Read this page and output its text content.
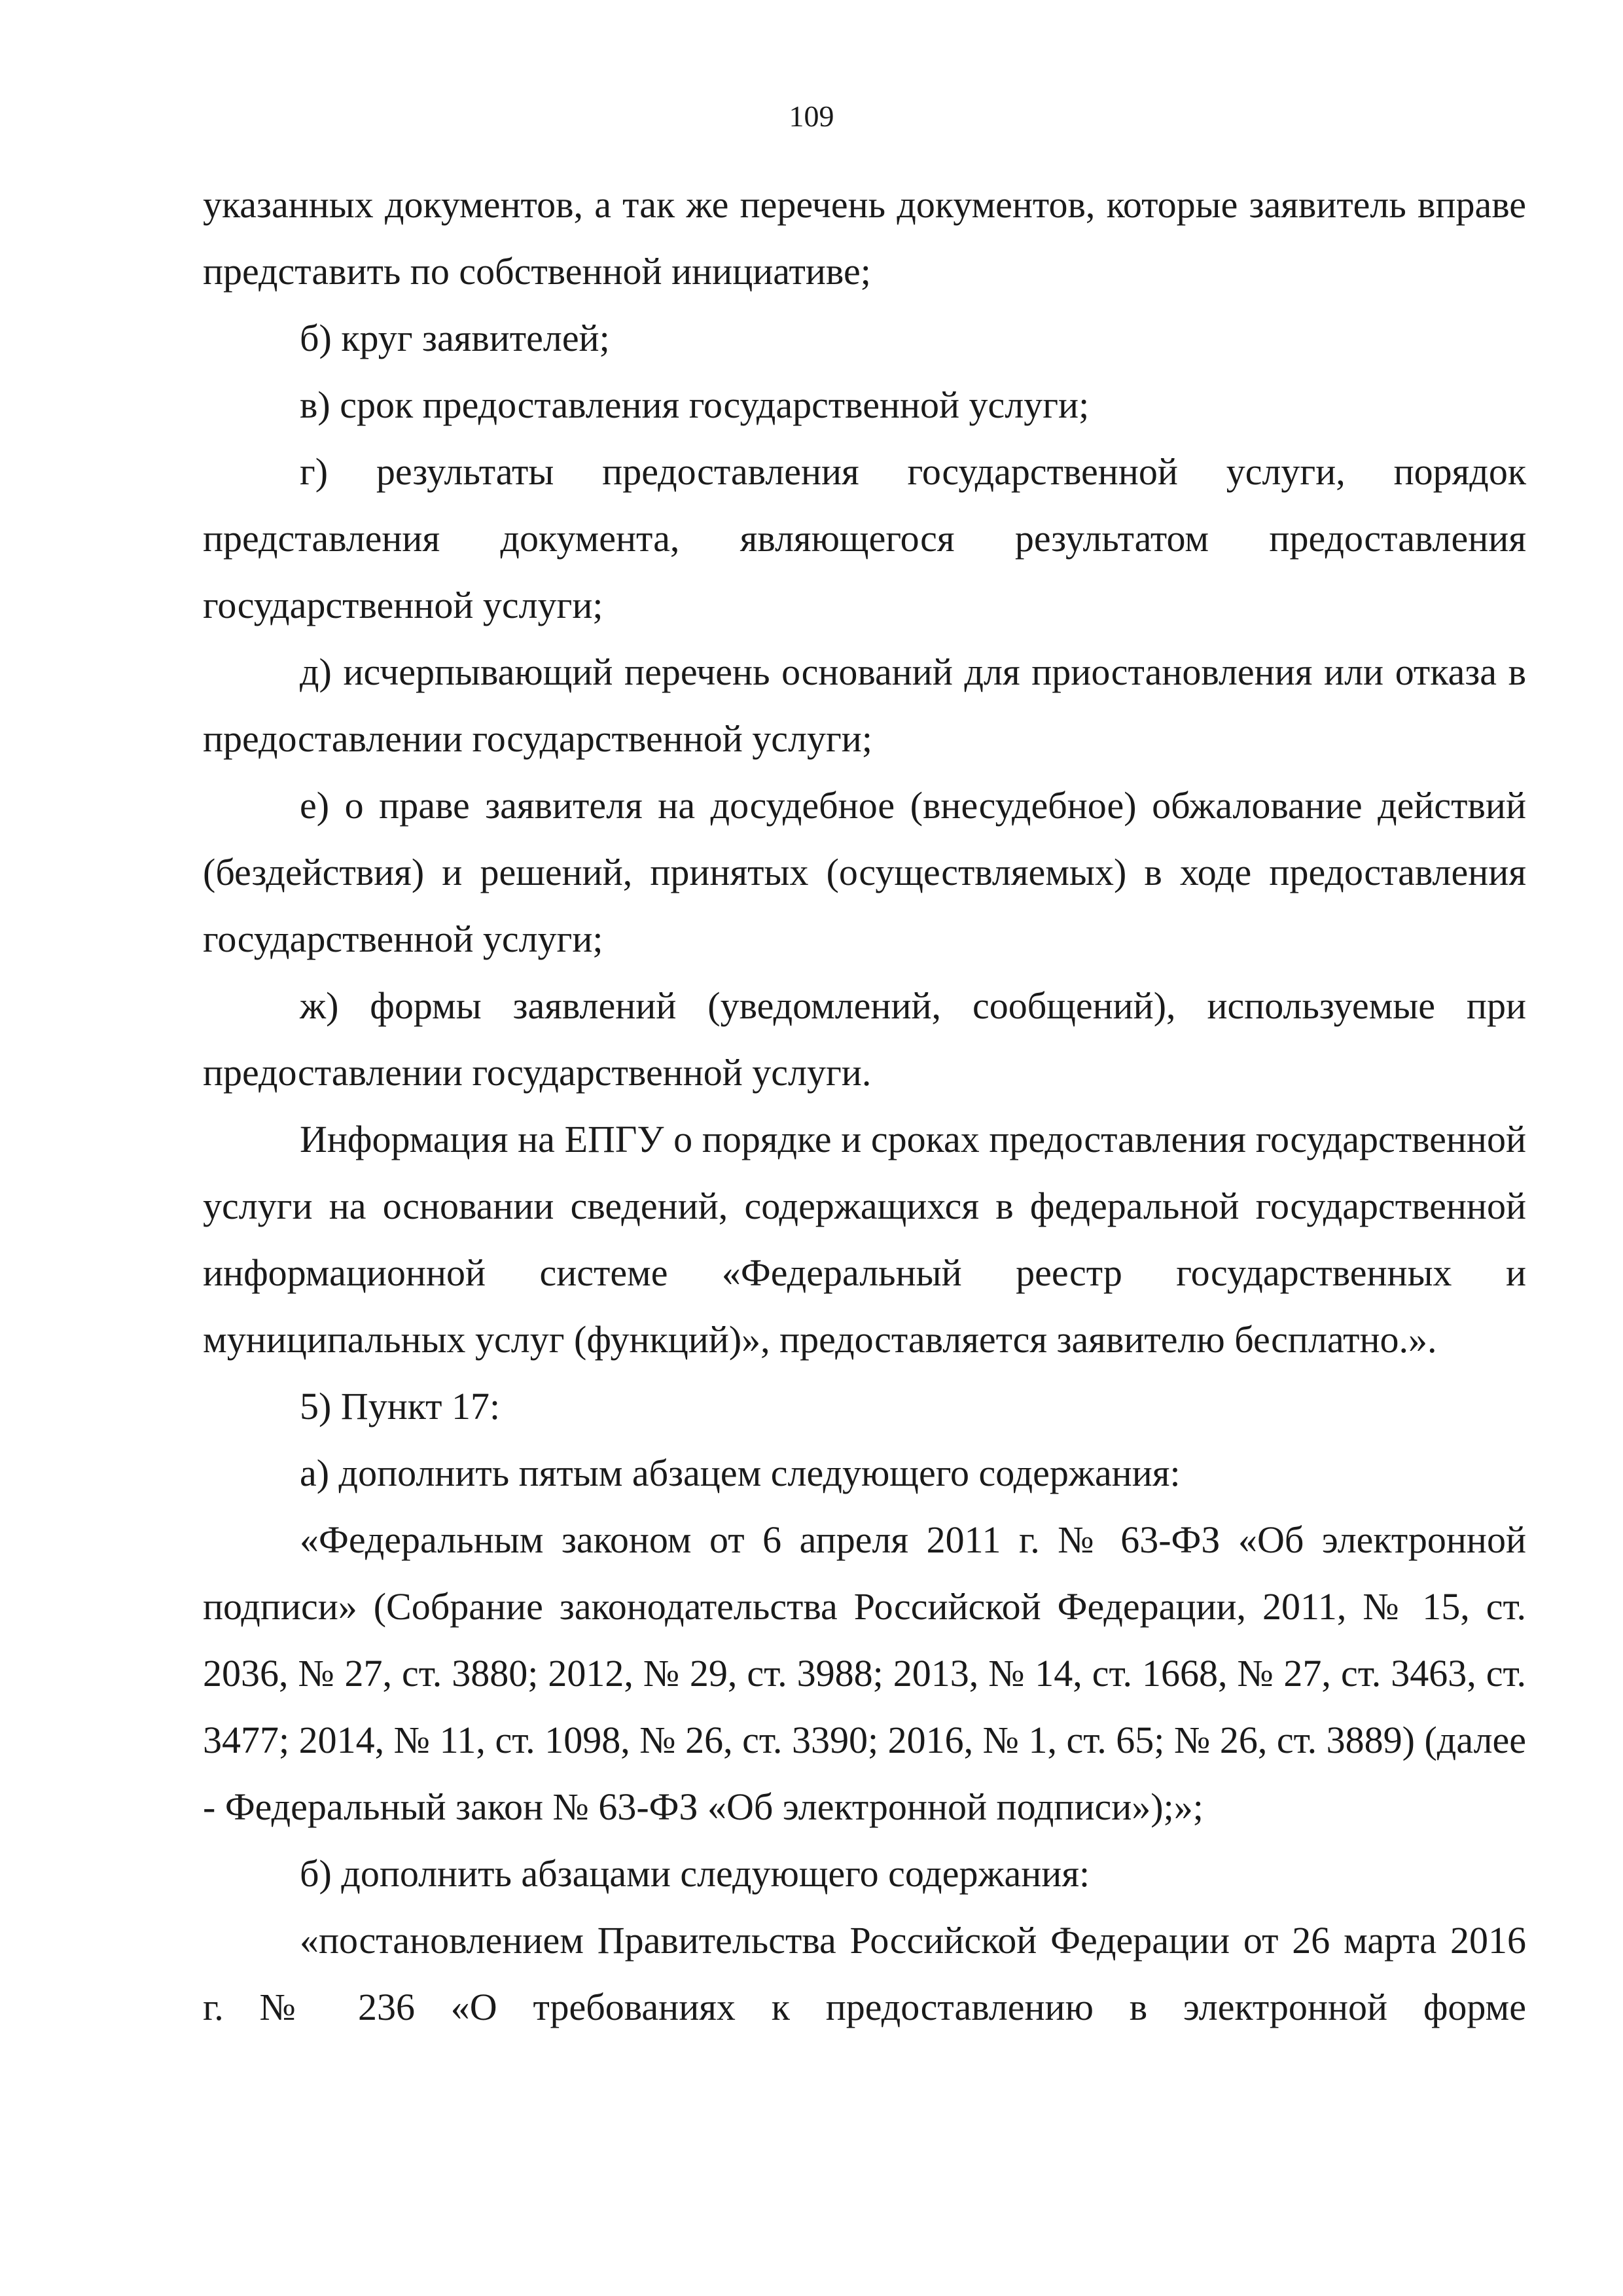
109

указанных документов, а так же перечень документов, которые заявитель вправе представить по собственной инициативе;

б) круг заявителей;

в) срок предоставления государственной услуги;

г) результаты предоставления государственной услуги, порядок представления документа, являющегося результатом предоставления государственной услуги;

д) исчерпывающий перечень оснований для приостановления или отказа в предоставлении государственной услуги;

е) о праве заявителя на досудебное (внесудебное) обжалование действий (бездействия) и решений, принятых (осуществляемых) в ходе предоставления государственной услуги;

ж) формы заявлений (уведомлений, сообщений), используемые при предоставлении государственной услуги.

Информация на ЕПГУ о порядке и сроках предоставления государственной услуги на основании сведений, содержащихся в федеральной государственной информационной системе «Федеральный реестр государственных и муниципальных услуг (функций)», предоставляется заявителю бесплатно.».

5) Пункт 17:

а) дополнить пятым абзацем следующего содержания:

«Федеральным законом от 6 апреля 2011 г. № 63-ФЗ «Об электронной подписи» (Собрание законодательства Российской Федерации, 2011, № 15, ст. 2036, № 27, ст. 3880; 2012, № 29, ст. 3988; 2013, № 14, ст. 1668, № 27, ст. 3463, ст. 3477; 2014, № 11, ст. 1098, № 26, ст. 3390; 2016, № 1, ст. 65; № 26, ст. 3889) (далее - Федеральный закон № 63-ФЗ «Об электронной подписи»);»;

б) дополнить абзацами следующего содержания:

«постановлением Правительства Российской Федерации от 26 марта 2016 г. № 236 «О требованиях к предоставлению в электронной форме
